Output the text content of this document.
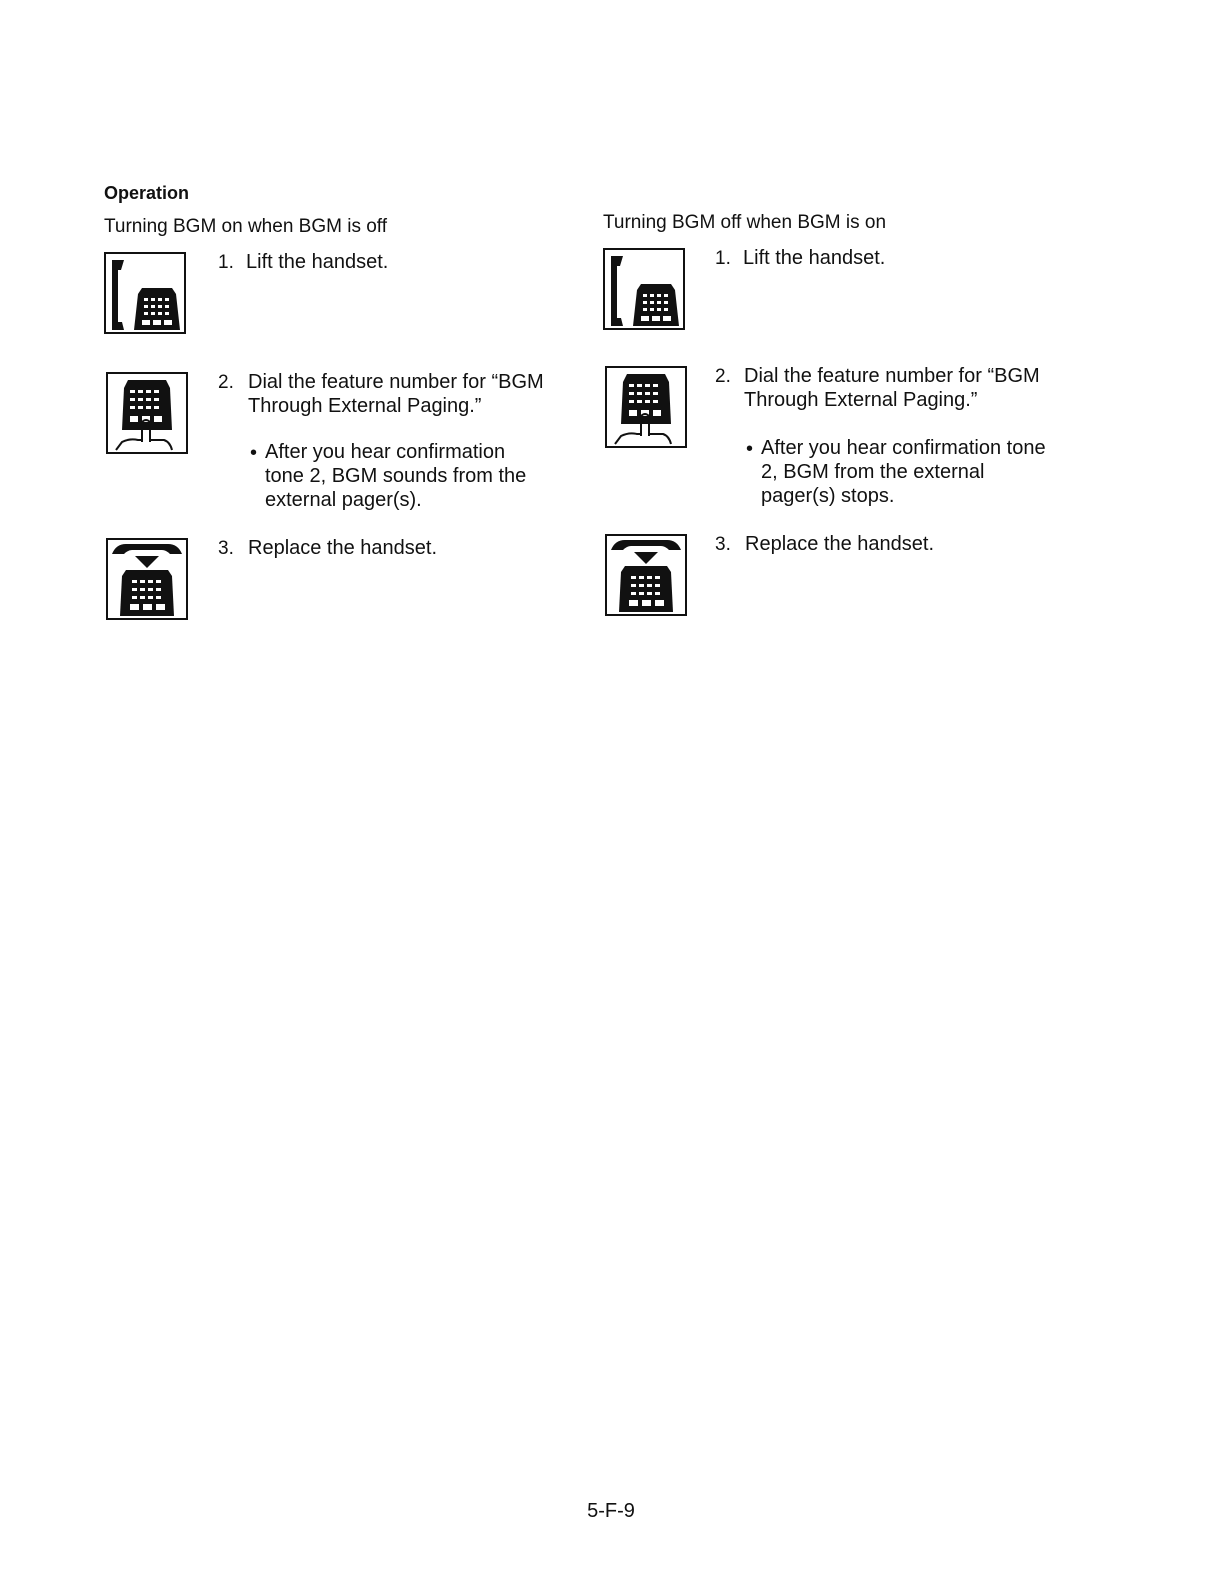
Operation
Turning BGM on when BGM is off
1. Lift the handset.
2. Dial the feature number for “BGM Through External Paging.”
• After you hear confirmation tone 2, BGM sounds from the external pager(s).
3. Replace the handset.
Turning BGM off when BGM is on
1. Lift the handset.
2. Dial the feature number for “BGM Through External Paging.”
• After you hear confirmation tone 2, BGM from the external pager(s) stops.
3. Replace the handset.
5-F-9
